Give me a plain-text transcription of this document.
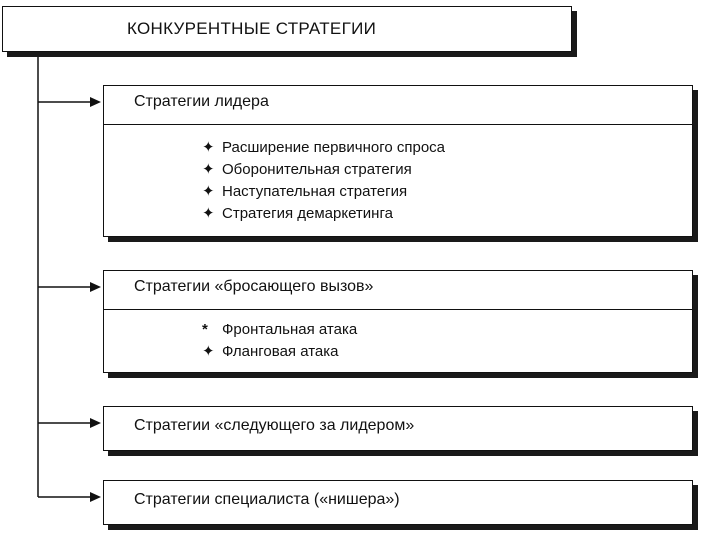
КОНКУРЕНТНЫЕ СТРАТЕГИИ
Стратегии лидера
✦ Расширение первичного спроса
✦ Оборонительная стратегия
✦ Наступательная стратегия
✦ Стратегия демаркетинга
Стратегии «бросающего вызов»
* Фронтальная атака
✦ Фланговая атака
Стратегии «следующего за лидером»
Стратегии специалиста («нишера»)
